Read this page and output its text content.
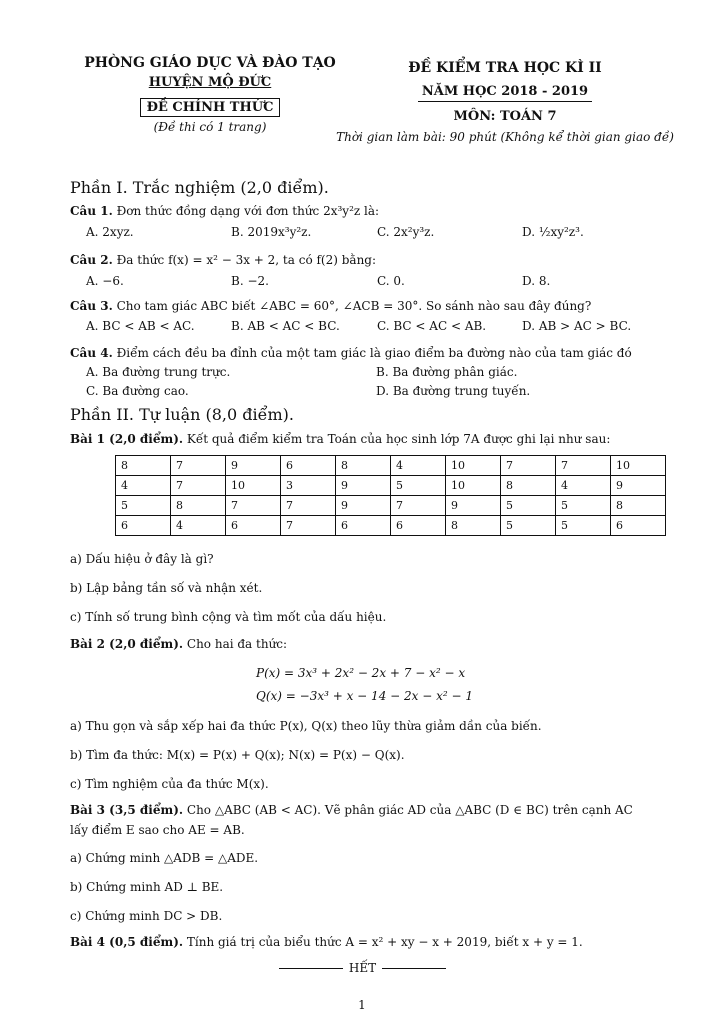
PHÒNG GIÁO DỤC VÀ ĐÀO TẠO
HUYỆN MỘ ĐỨC
ĐỀ CHÍNH THỨC
(Đề thi có 1 trang)
ĐỀ KIỂM TRA HỌC KÌ II
NĂM HỌC 2018 - 2019
MÔN: TOÁN 7
Thời gian làm bài: 90 phút (Không kể thời gian giao đề)
Phần I. Trắc nghiệm (2,0 điểm).
Câu 1. Đơn thức đồng dạng với đơn thức 2x³y²z là:
A. 2xyz.	B. 2019x³y²z.	C. 2x²y³z.	D. ½xy²z³.
Câu 2. Đa thức f(x) = x² − 3x + 2, ta có f(2) bằng:
A. −6.	B. −2.	C. 0.	D. 8.
Câu 3. Cho tam giác ABC biết ∠ABC = 60°, ∠ACB = 30°. So sánh nào sau đây đúng?
A. BC < AB < AC.	B. AB < AC < BC.	C. BC < AC < AB.	D. AB > AC > BC.
Câu 4. Điểm cách đều ba đỉnh của một tam giác là giao điểm ba đường nào của tam giác đó
A. Ba đường trung trực.	B. Ba đường phân giác.
C. Ba đường cao.	D. Ba đường trung tuyến.
Phần II. Tự luận (8,0 điểm).
Bài 1 (2,0 điểm). Kết quả điểm kiểm tra Toán của học sinh lớp 7A được ghi lại như sau:
8	7	9	6	8	4	10	7	7	10
4	7	10	3	9	5	10	8	4	9
5	8	7	7	9	7	9	5	5	8
6	4	6	7	6	6	8	5	5	6
a) Dấu hiệu ở đây là gì?
b) Lập bảng tần số và nhận xét.
c) Tính số trung bình cộng và tìm mốt của dấu hiệu.
Bài 2 (2,0 điểm). Cho hai đa thức:
P(x) = 3x³ + 2x² − 2x + 7 − x² − x
Q(x) = −3x³ + x − 14 − 2x − x² − 1
a) Thu gọn và sắp xếp hai đa thức P(x), Q(x) theo lũy thừa giảm dần của biến.
b) Tìm đa thức: M(x) = P(x) + Q(x); N(x) = P(x) − Q(x).
c) Tìm nghiệm của đa thức M(x).
Bài 3 (3,5 điểm). Cho △ABC (AB < AC). Vẽ phân giác AD của △ABC (D ∈ BC) trên cạnh AC
lấy điểm E sao cho AE = AB.
a) Chứng minh △ADB = △ADE.
b) Chứng minh AD ⊥ BE.
c) Chứng minh DC > DB.
Bài 4 (0,5 điểm). Tính giá trị của biểu thức A = x² + xy − x + 2019, biết x + y = 1.
HẾT
1
